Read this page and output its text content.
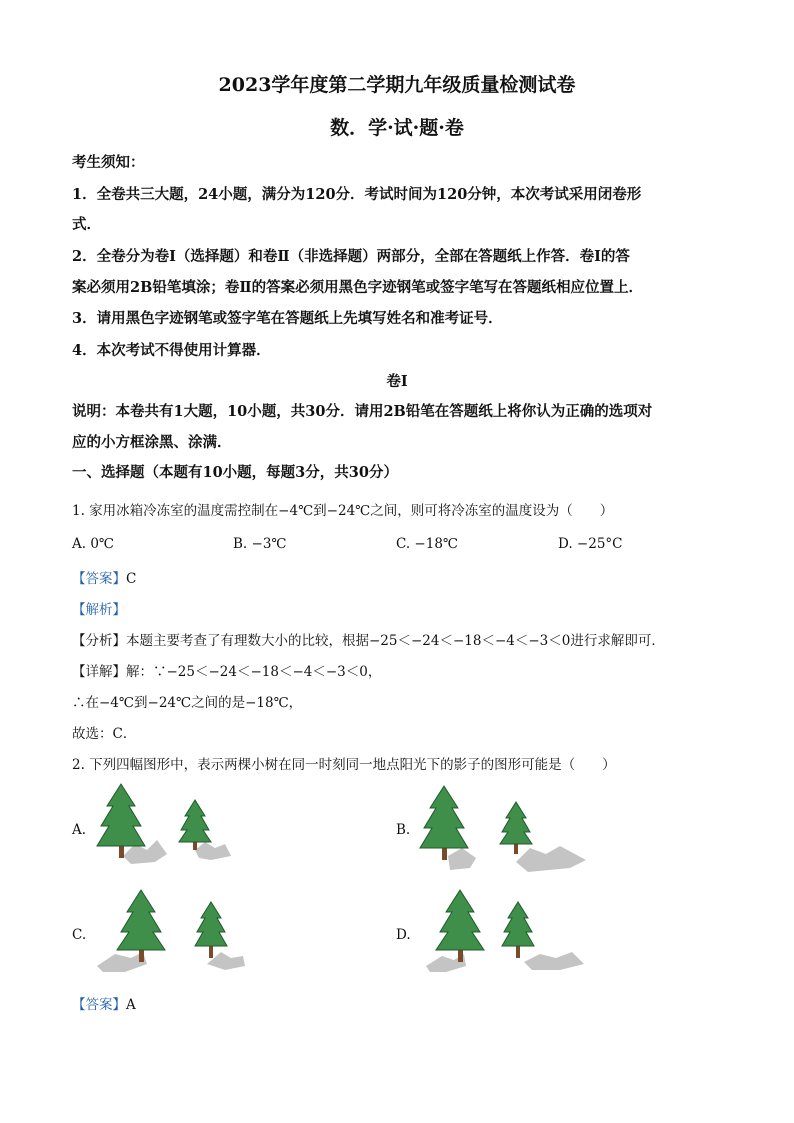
2023学年度第二学期九年级质量检测试卷
数．学·试·题·卷
考生须知：
1．全卷共三大题，24小题，满分为120分．考试时间为120分钟，本次考试采用闭卷形
式．
2．全卷分为卷Ⅰ（选择题）和卷Ⅱ（非选择题）两部分，全部在答题纸上作答．卷Ⅰ的答
案必须用2B铅笔填涂；卷Ⅱ的答案必须用黑色字迹钢笔或签字笔写在答题纸相应位置上．
3．请用黑色字迹钢笔或签字笔在答题纸上先填写姓名和准考证号．
4．本次考试不得使用计算器．
卷Ⅰ
说明：本卷共有1大题，10小题，共30分．请用2B铅笔在答题纸上将你认为正确的选项对
应的小方框涂黑、涂满．
一、选择题（本题有10小题，每题3分，共30分）
1. 家用冰箱冷冻室的温度需控制在−4℃到−24℃之间，则可将冷冻室的温度设为（　　）
A. 0℃	B. −3℃	C. −18℃	D. −25°C
【答案】C
【解析】
【分析】本题主要考查了有理数大小的比较，根据−25＜−24＜−18＜−4＜−3＜0进行求解即可．
【详解】解：∵−25＜−24＜−18＜−4＜−3＜0，
∴在−4℃到−24℃之间的是−18℃，
故选：C．
2. 下列四幅图形中，表示两棵小树在同一时刻同一地点阳光下的影子的图形可能是（　　）
A.	B.
C.	D.
【答案】A
